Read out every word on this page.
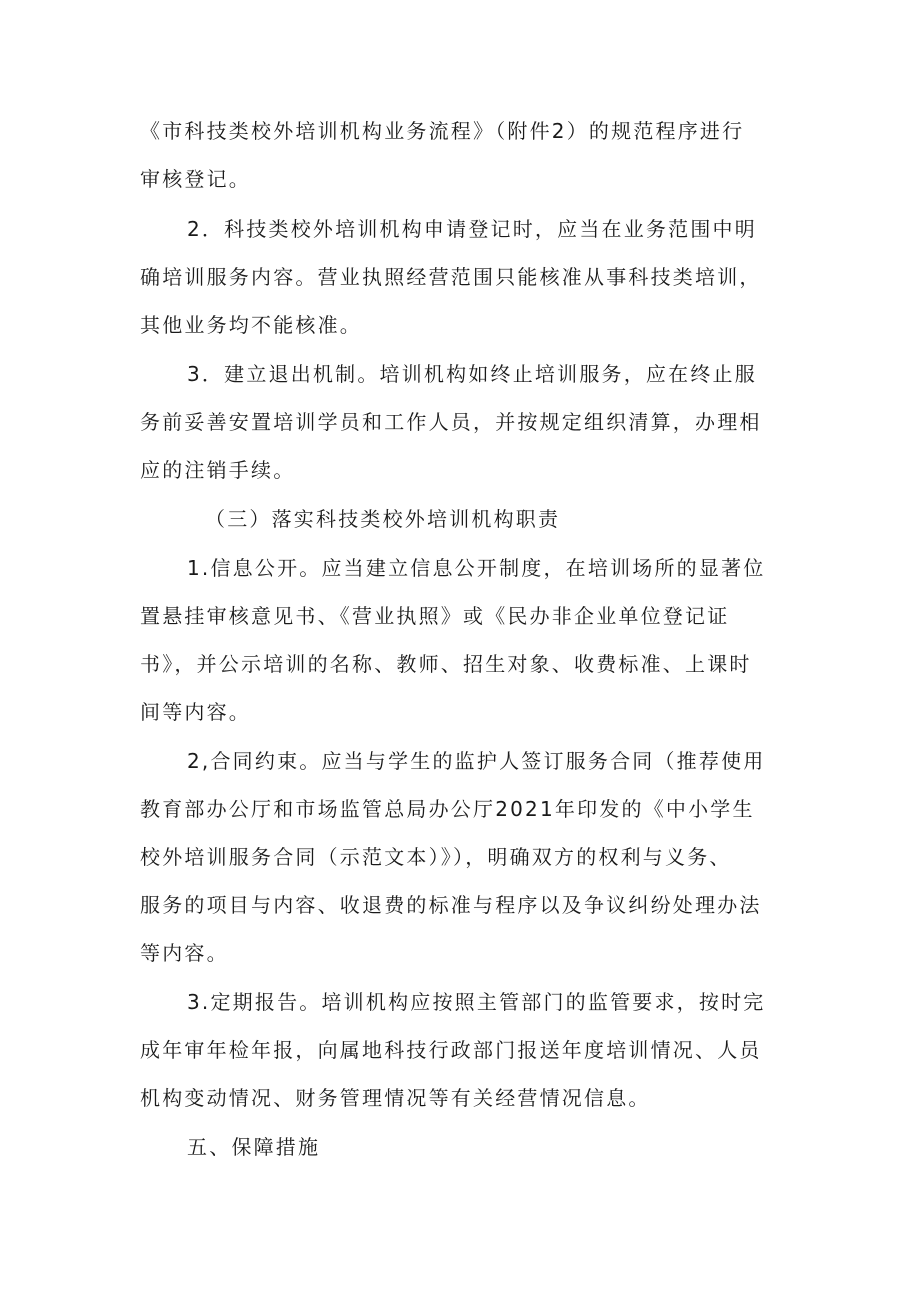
《市科技类校外培训机构业务流程》（附件2）的规范程序进行
审核登记。
2．科技类校外培训机构申请登记时，应当在业务范围中明
确培训服务内容。营业执照经营范围只能核准从事科技类培训，
其他业务均不能核准。
3．建立退出机制。培训机构如终止培训服务，应在终止服
务前妥善安置培训学员和工作人员，并按规定组织清算，办理相
应的注销手续。
（三）落实科技类校外培训机构职责
1.信息公开。应当建立信息公开制度，在培训场所的显著位
置悬挂审核意见书、《营业执照》或《民办非企业单位登记证
书》，并公示培训的名称、教师、招生对象、收费标准、上课时
间等内容。
2,合同约束。应当与学生的监护人签订服务合同（推荐使用
教育部办公厅和市场监管总局办公厅2021年印发的《中小学生
校外培训服务合同（示范文本）》），明确双方的权利与义务、
服务的项目与内容、收退费的标准与程序以及争议纠纷处理办法
等内容。
3.定期报告。培训机构应按照主管部门的监管要求，按时完
成年审年检年报，向属地科技行政部门报送年度培训情况、人员
机构变动情况、财务管理情况等有关经营情况信息。
五、保障措施
